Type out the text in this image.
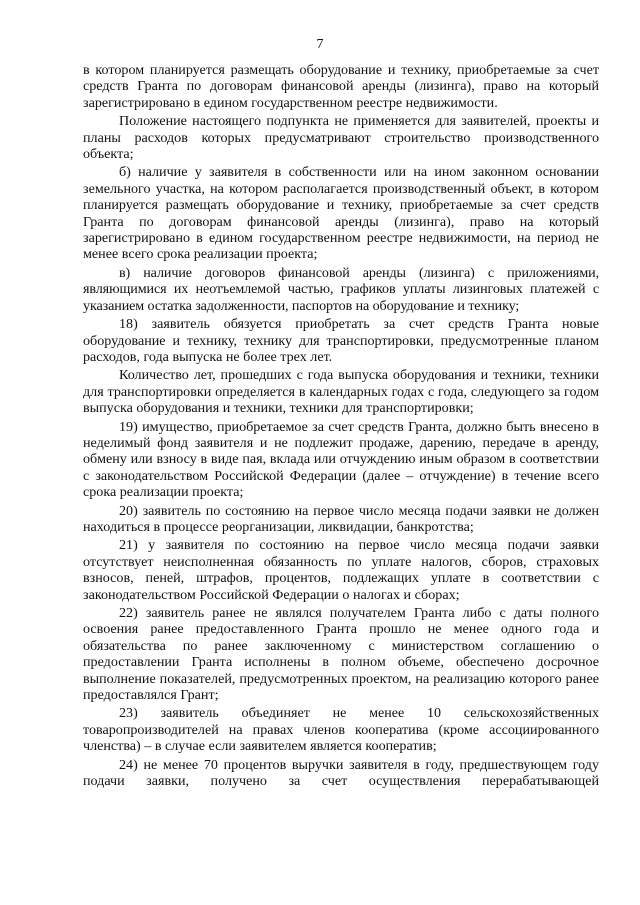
7

в котором планируется размещать оборудование и технику, приобретаемые за счет средств Гранта по договорам финансовой аренды (лизинга), право на который зарегистрировано в едином государственном реестре недвижимости.

Положение настоящего подпункта не применяется для заявителей, проекты и планы расходов которых предусматривают строительство производственного объекта;

б) наличие у заявителя в собственности или на ином законном основании земельного участка, на котором располагается производственный объект, в котором планируется размещать оборудование и технику, приобретаемые за счет средств Гранта по договорам финансовой аренды (лизинга), право на который зарегистрировано в едином государственном реестре недвижимости, на период не менее всего срока реализации проекта;

в) наличие договоров финансовой аренды (лизинга) с приложениями, являющимися их неотъемлемой частью, графиков уплаты лизинговых платежей с указанием остатка задолженности, паспортов на оборудование и технику;

18) заявитель обязуется приобретать за счет средств Гранта новые оборудование и технику, технику для транспортировки, предусмотренные планом расходов, года выпуска не более трех лет.

Количество лет, прошедших с года выпуска оборудования и техники, техники для транспортировки определяется в календарных годах с года, следующего за годом выпуска оборудования и техники, техники для транспортировки;

19) имущество, приобретаемое за счет средств Гранта, должно быть внесено в неделимый фонд заявителя и не подлежит продаже, дарению, передаче в аренду, обмену или взносу в виде пая, вклада или отчуждению иным образом в соответствии с законодательством Российской Федерации (далее – отчуждение) в течение всего срока реализации проекта;

20) заявитель по состоянию на первое число месяца подачи заявки не должен находиться в процессе реорганизации, ликвидации, банкротства;

21) у заявителя по состоянию на первое число месяца подачи заявки отсутствует неисполненная обязанность по уплате налогов, сборов, страховых взносов, пеней, штрафов, процентов, подлежащих уплате в соответствии с законодательством Российской Федерации о налогах и сборах;

22) заявитель ранее не являлся получателем Гранта либо с даты полного освоения ранее предоставленного Гранта прошло не менее одного года и обязательства по ранее заключенному с министерством соглашению о предоставлении Гранта исполнены в полном объеме, обеспечено досрочное выполнение показателей, предусмотренных проектом, на реализацию которого ранее предоставлялся Грант;

23) заявитель объединяет не менее 10 сельскохозяйственных товаропроизводителей на правах членов кооператива (кроме ассоциированного членства) – в случае если заявителем является кооператив;

24) не менее 70 процентов выручки заявителя в году, предшествующем году подачи заявки, получено за счет осуществления перерабатывающей
